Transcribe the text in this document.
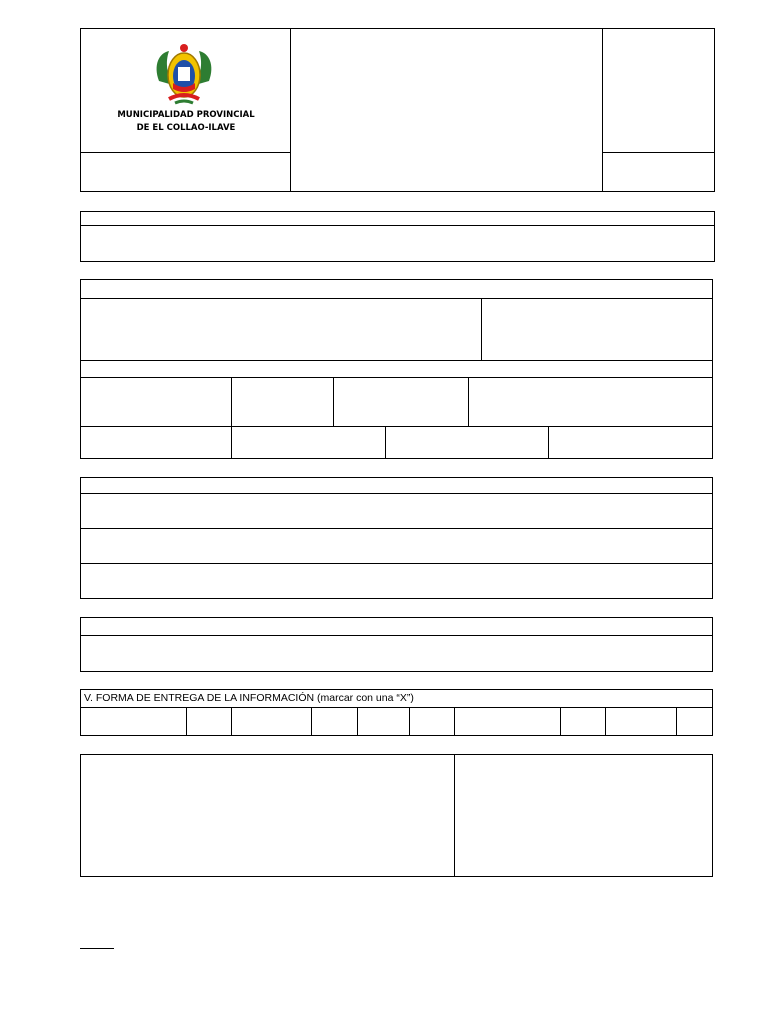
MUNICIPALIDAD PROVINCIAL
DE EL COLLAO-ILAVE
V. FORMA DE ENTREGA DE LA INFORMACIÓN (marcar con una “X”)
